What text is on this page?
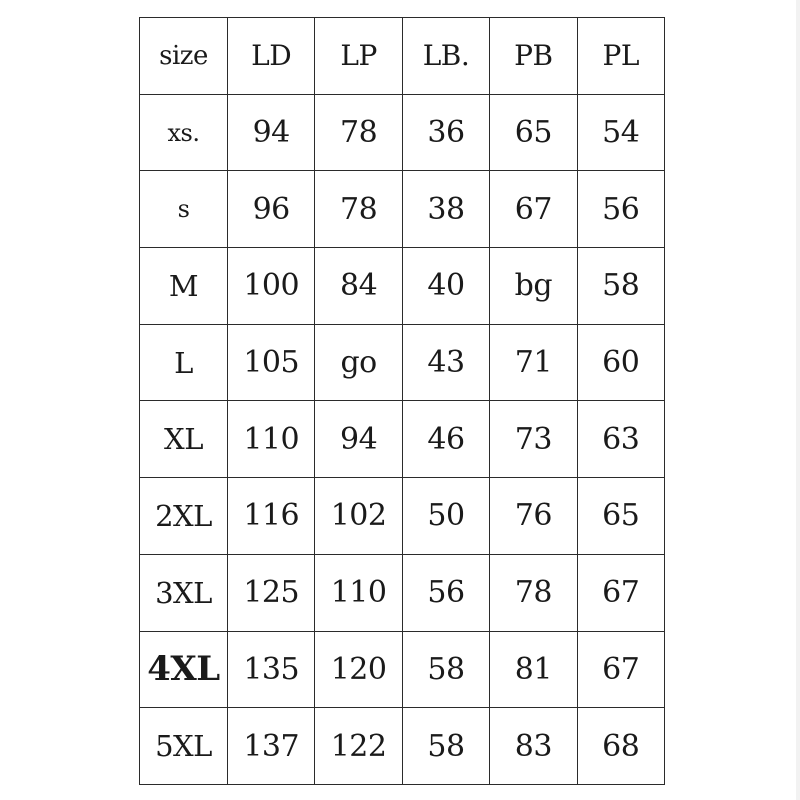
size	LD	LP	LB.	PB	PL
xs.	94	78	36	65	54
s	96	78	38	67	56
M	100	84	40	bg	58
L	105	go	43	71	60
XL	110	94	46	73	63
2XL	116	102	50	76	65
3XL	125	110	56	78	67
4XL	135	120	58	81	67
5XL	137	122	58	83	68
